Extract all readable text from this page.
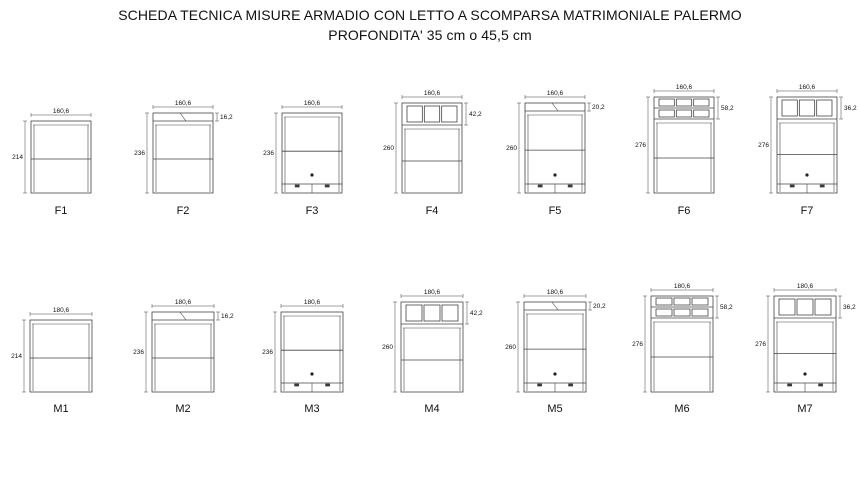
SCHEDA TECNICA MISURE ARMADIO CON LETTO A SCOMPARSA MATRIMONIALE PALERMO
PROFONDITA' 35 cm o 45,5 cm
160,6
214
F1
160,6
236
16,2
F2
160,6
236
F3
160,6
260
42,2
F4
160,6
260
20,2
F5
160,6
276
58,2
F6
160,6
276
36,2
F7
180,6
214
M1
180,6
236
16,2
M2
180,6
236
M3
180,6
260
42,2
M4
180,6
260
20,2
M5
180,6
276
58,2
M6
180,6
276
36,2
M7
